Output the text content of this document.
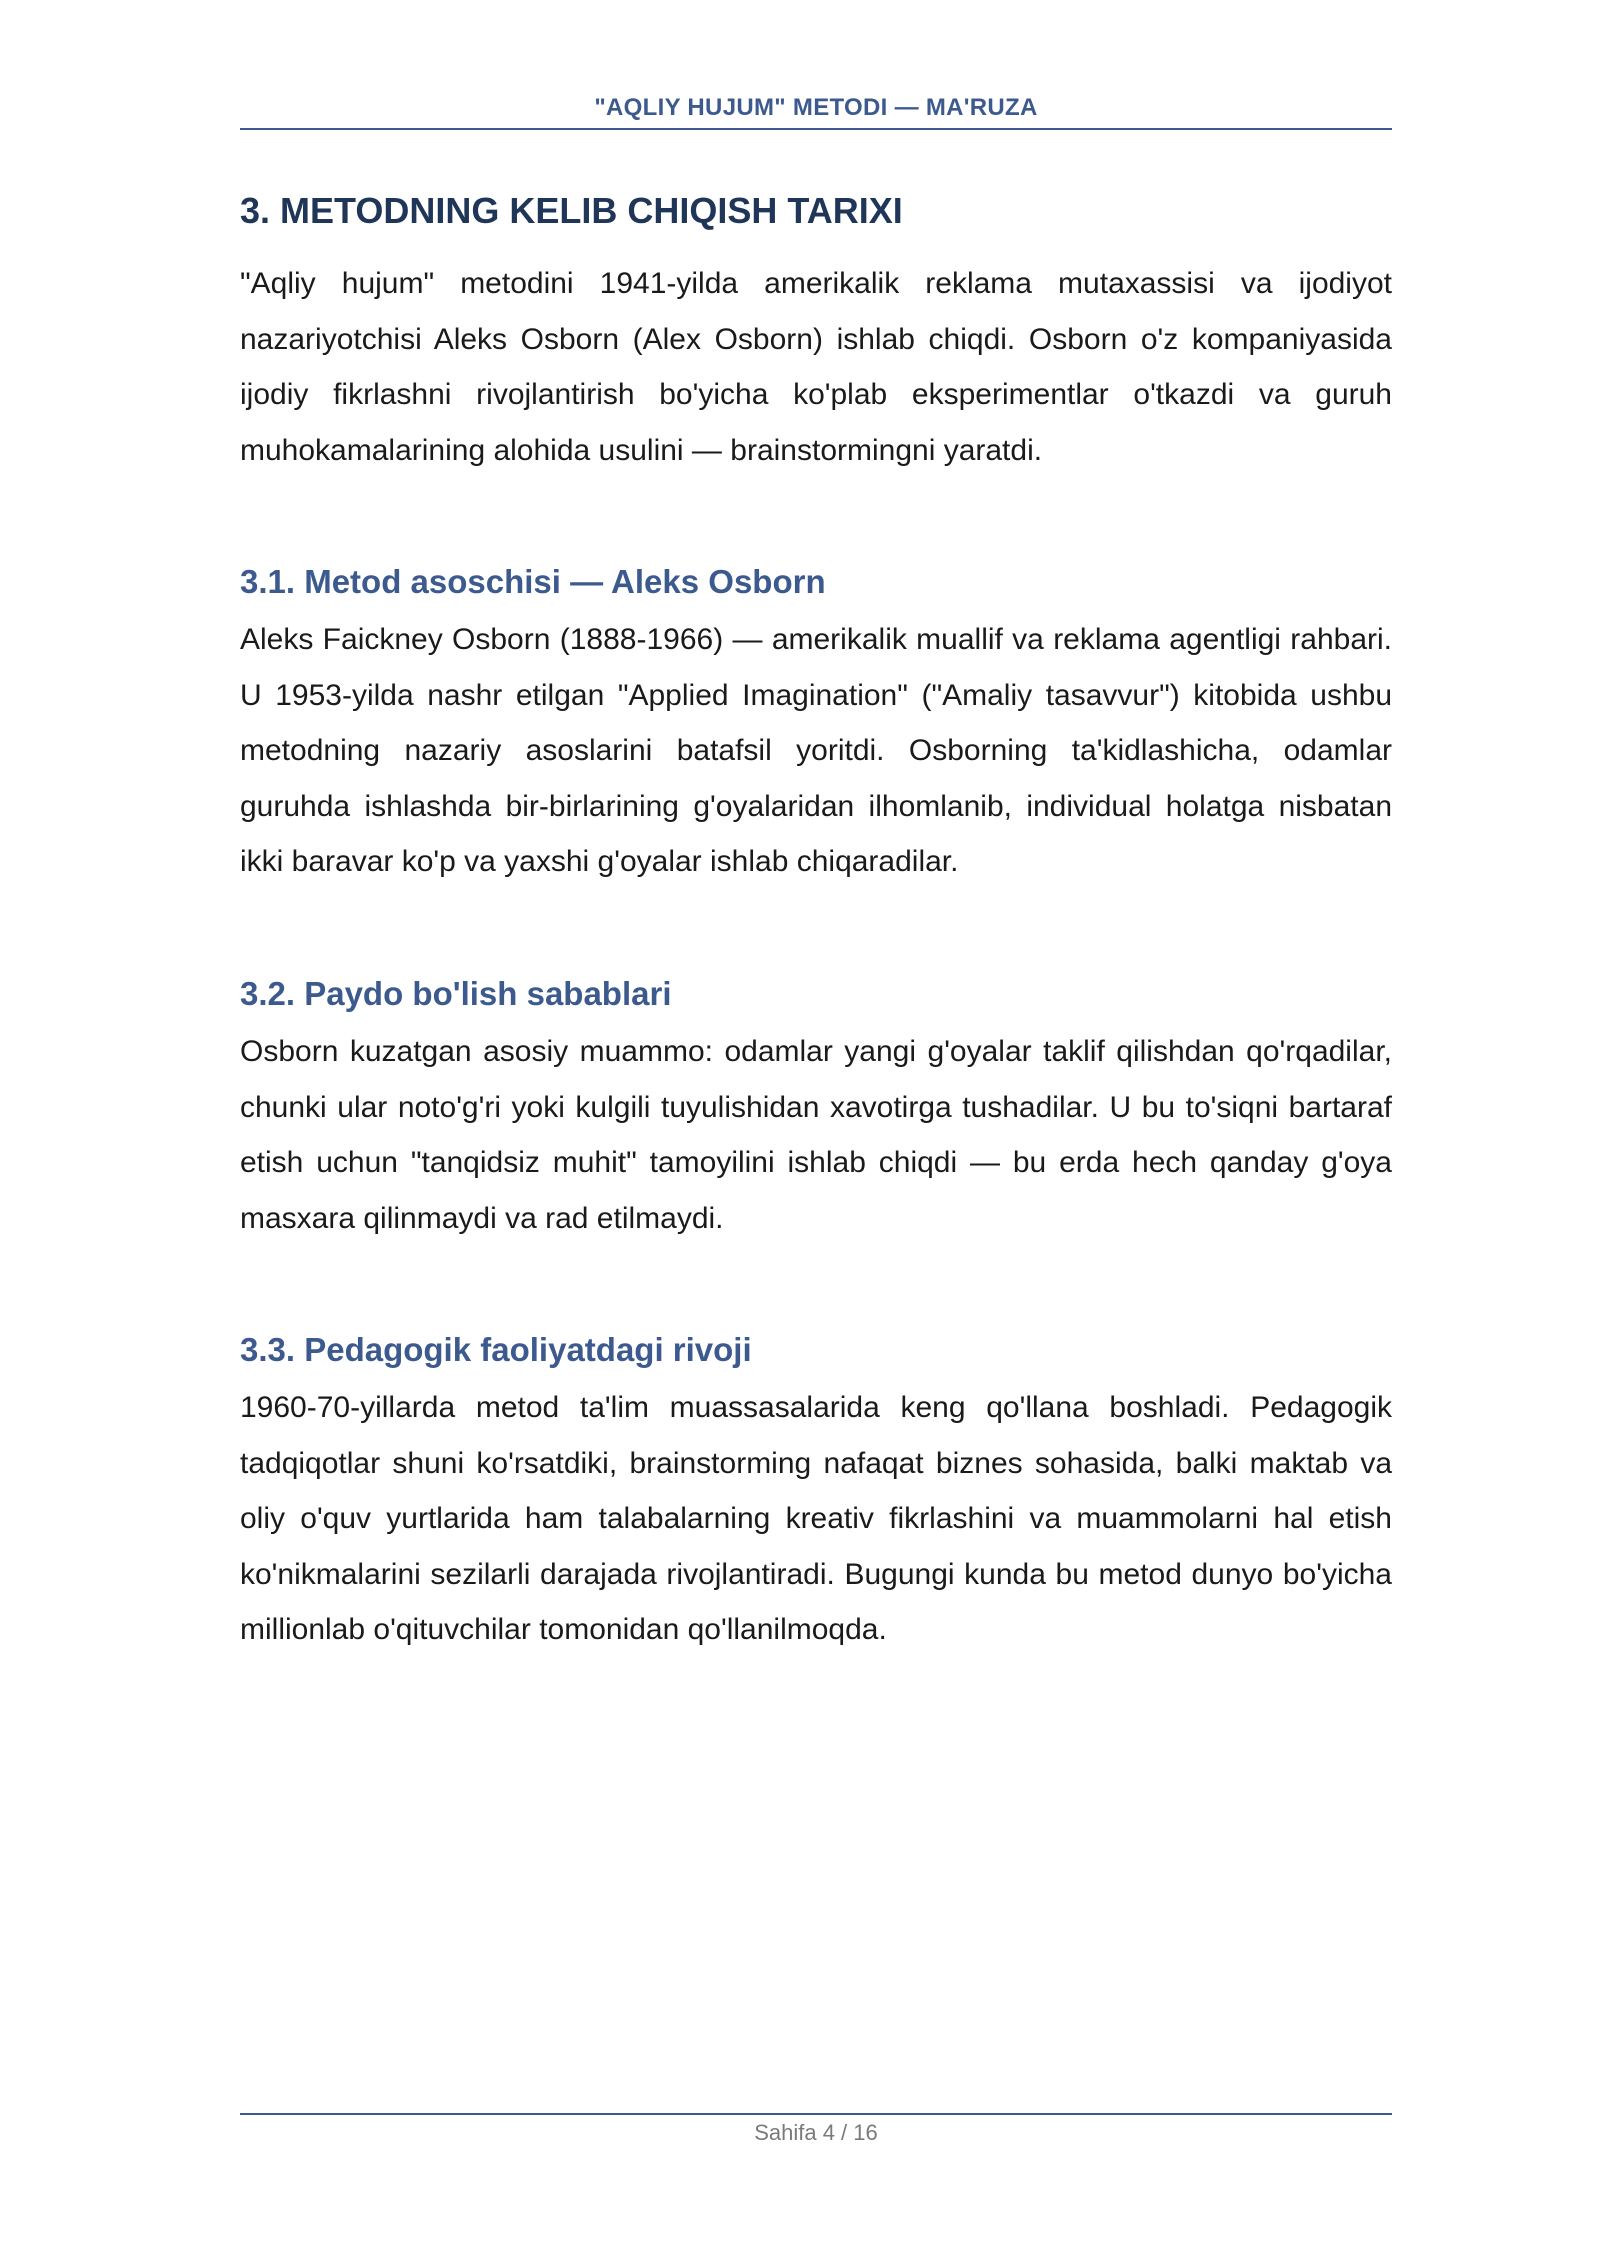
"AQLIY HUJUM" METODI — MA'RUZA
3. METODNING KELIB CHIQISH TARIXI

"Aqliy hujum" metodini 1941-yilda amerikalik reklama mutaxassisi va ijodiyot nazariyotchisi Aleks Osborn (Alex Osborn) ishlab chiqdi. Osborn o'z kompaniyasida ijodiy fikrlashni rivojlantirish bo'yicha ko'plab eksperimentlar o'tkazdi va guruh muhokamalarining alohida usulini — brainstormingni yaratdi.

3.1. Metod asoschisi — Aleks Osborn

Aleks Faickney Osborn (1888-1966) — amerikalik muallif va reklama agentligi rahbari. U 1953-yilda nashr etilgan "Applied Imagination" ("Amaliy tasavvur") kitobida ushbu metodning nazariy asoslarini batafsil yoritdi. Osborning ta'kidlashicha, odamlar guruhda ishlashda bir-birlarining g'oyalaridan ilhomlanib, individual holatga nisbatan ikki baravar ko'p va yaxshi g'oyalar ishlab chiqaradilar.

3.2. Paydo bo'lish sabablari

Osborn kuzatgan asosiy muammo: odamlar yangi g'oyalar taklif qilishdan qo'rqadilar, chunki ular noto'g'ri yoki kulgili tuyulishidan xavotirga tushadilar. U bu to'siqni bartaraf etish uchun "tanqidsiz muhit" tamoyilini ishlab chiqdi — bu erda hech qanday g'oya masxara qilinmaydi va rad etilmaydi.

3.3. Pedagogik faoliyatdagi rivoji

1960-70-yillarda metod ta'lim muassasalarida keng qo'llana boshladi. Pedagogik tadqiqotlar shuni ko'rsatdiki, brainstorming nafaqat biznes sohasida, balki maktab va oliy o'quv yurtlarida ham talabalarning kreativ fikrlashini va muammolarni hal etish ko'nikmalarini sezilarli darajada rivojlantiradi. Bugungi kunda bu metod dunyo bo'yicha millionlab o'qituvchilar tomonidan qo'llanilmoqda.

Sahifa 4 / 16
